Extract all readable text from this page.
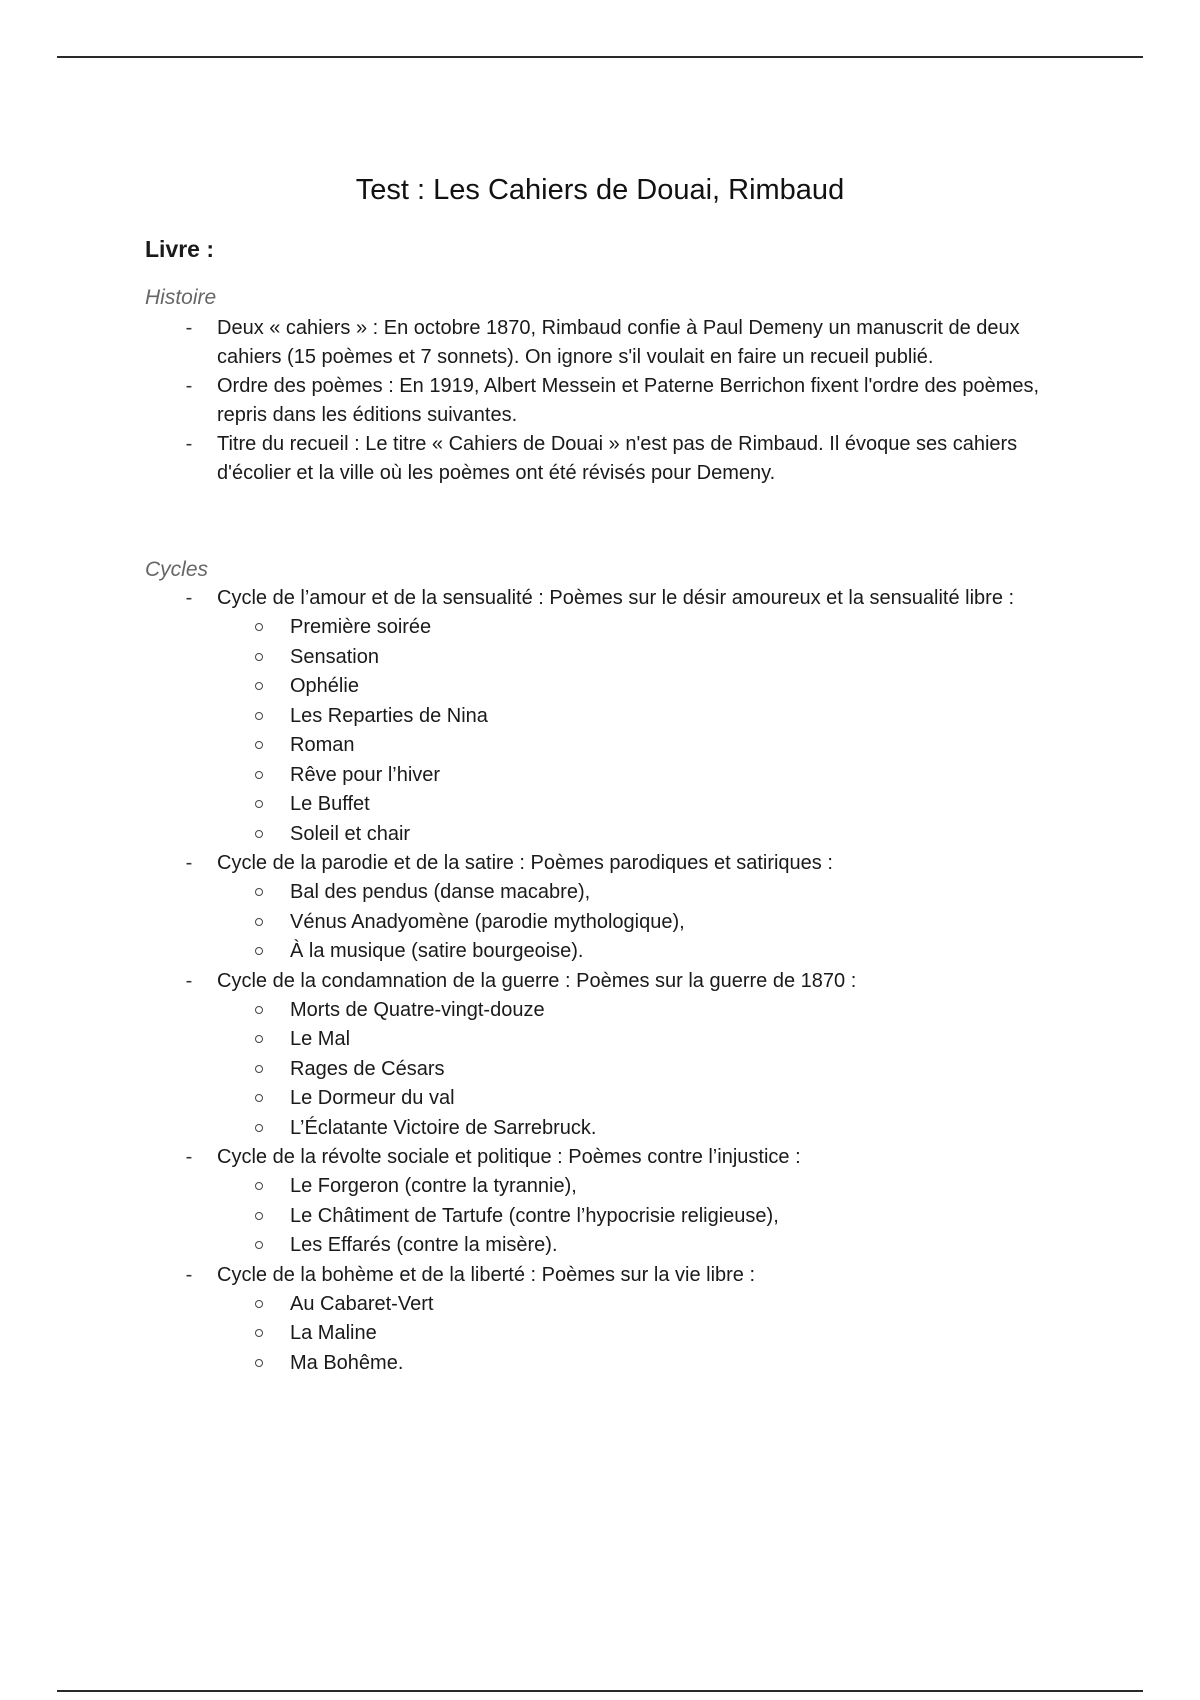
Test : Les Cahiers de Douai, Rimbaud
Livre :
Histoire
- Deux « cahiers » : En octobre 1870, Rimbaud confie à Paul Demeny un manuscrit de deux cahiers (15 poèmes et 7 sonnets). On ignore s'il voulait en faire un recueil publié.
- Ordre des poèmes : En 1919, Albert Messein et Paterne Berrichon fixent l'ordre des poèmes, repris dans les éditions suivantes.
- Titre du recueil : Le titre « Cahiers de Douai » n'est pas de Rimbaud. Il évoque ses cahiers d'écolier et la ville où les poèmes ont été révisés pour Demeny.
Cycles
- Cycle de l’amour et de la sensualité : Poèmes sur le désir amoureux et la sensualité libre :
Première soirée
Sensation
Ophélie
Les Reparties de Nina
Roman
Rêve pour l’hiver
Le Buffet
Soleil et chair
- Cycle de la parodie et de la satire : Poèmes parodiques et satiriques :
Bal des pendus (danse macabre),
Vénus Anadyomène (parodie mythologique),
À la musique (satire bourgeoise).
- Cycle de la condamnation de la guerre : Poèmes sur la guerre de 1870 :
Morts de Quatre-vingt-douze
Le Mal
Rages de Césars
Le Dormeur du val
L’Éclatante Victoire de Sarrebruck.
- Cycle de la révolte sociale et politique : Poèmes contre l’injustice :
Le Forgeron (contre la tyrannie),
Le Châtiment de Tartufe (contre l’hypocrisie religieuse),
Les Effarés (contre la misère).
- Cycle de la bohème et de la liberté : Poèmes sur la vie libre :
Au Cabaret-Vert
La Maline
Ma Bohême.
